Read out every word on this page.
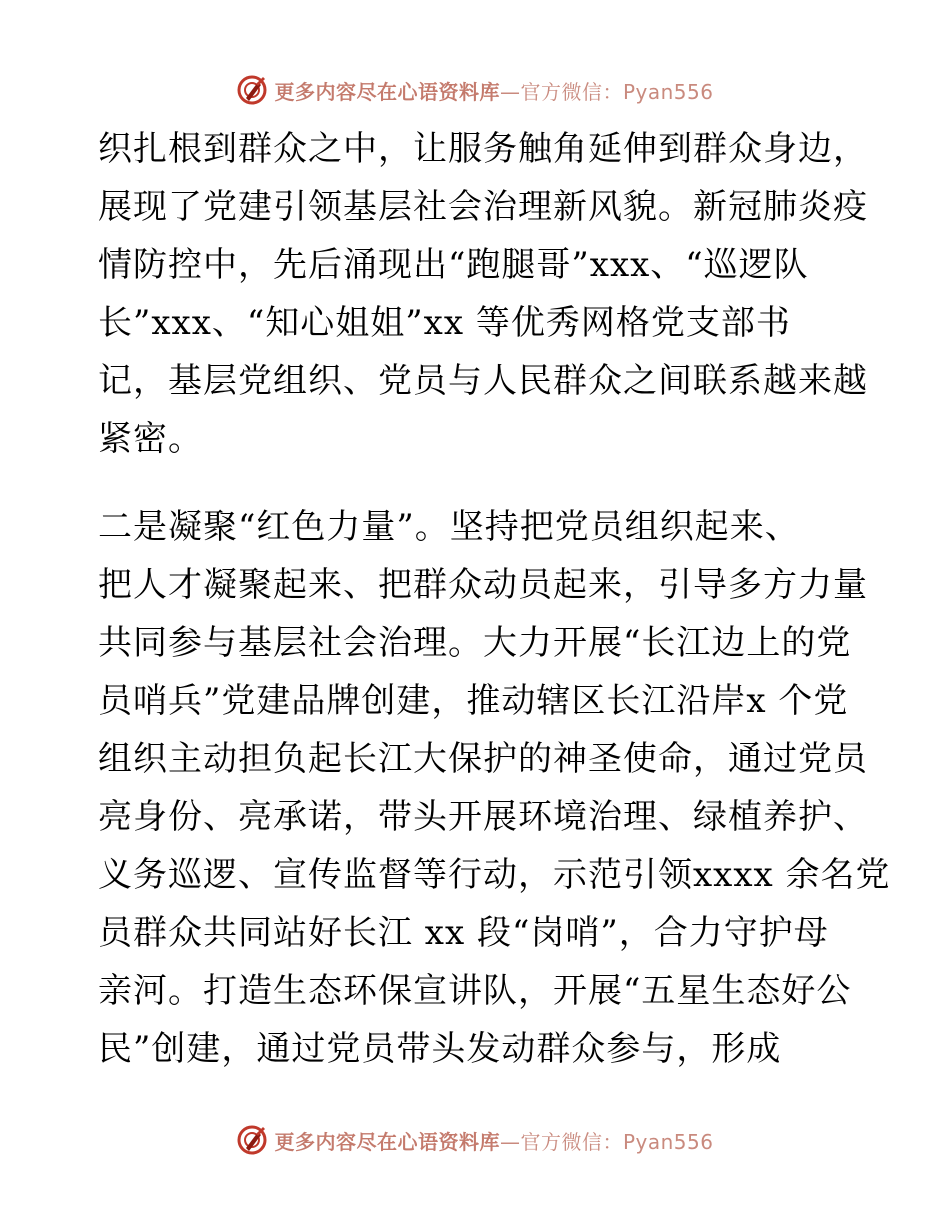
更多内容尽在心语资料库—官方微信：Pyan556
织扎根到群众之中，让服务触角延伸到群众身边，
展现了党建引领基层社会治理新风貌。新冠肺炎疫
情防控中，先后涌现出“跑腿哥”xxx、“巡逻队
长”xxx、“知心姐姐”xx 等优秀网格党支部书
记，基层党组织、党员与人民群众之间联系越来越
紧密。
二是凝聚“红色力量”。坚持把党员组织起来、
把人才凝聚起来、把群众动员起来，引导多方力量
共同参与基层社会治理。大力开展“长江边上的党
员哨兵”党建品牌创建，推动辖区长江沿岸x 个党
组织主动担负起长江大保护的神圣使命，通过党员
亮身份、亮承诺，带头开展环境治理、绿植养护、
义务巡逻、宣传监督等行动，示范引领xxxx 余名党
员群众共同站好长江 xx 段“岗哨”，合力守护母
亲河。打造生态环保宣讲队，开展“五星生态好公
民”创建，通过党员带头发动群众参与，形成
更多内容尽在心语资料库—官方微信：Pyan556
